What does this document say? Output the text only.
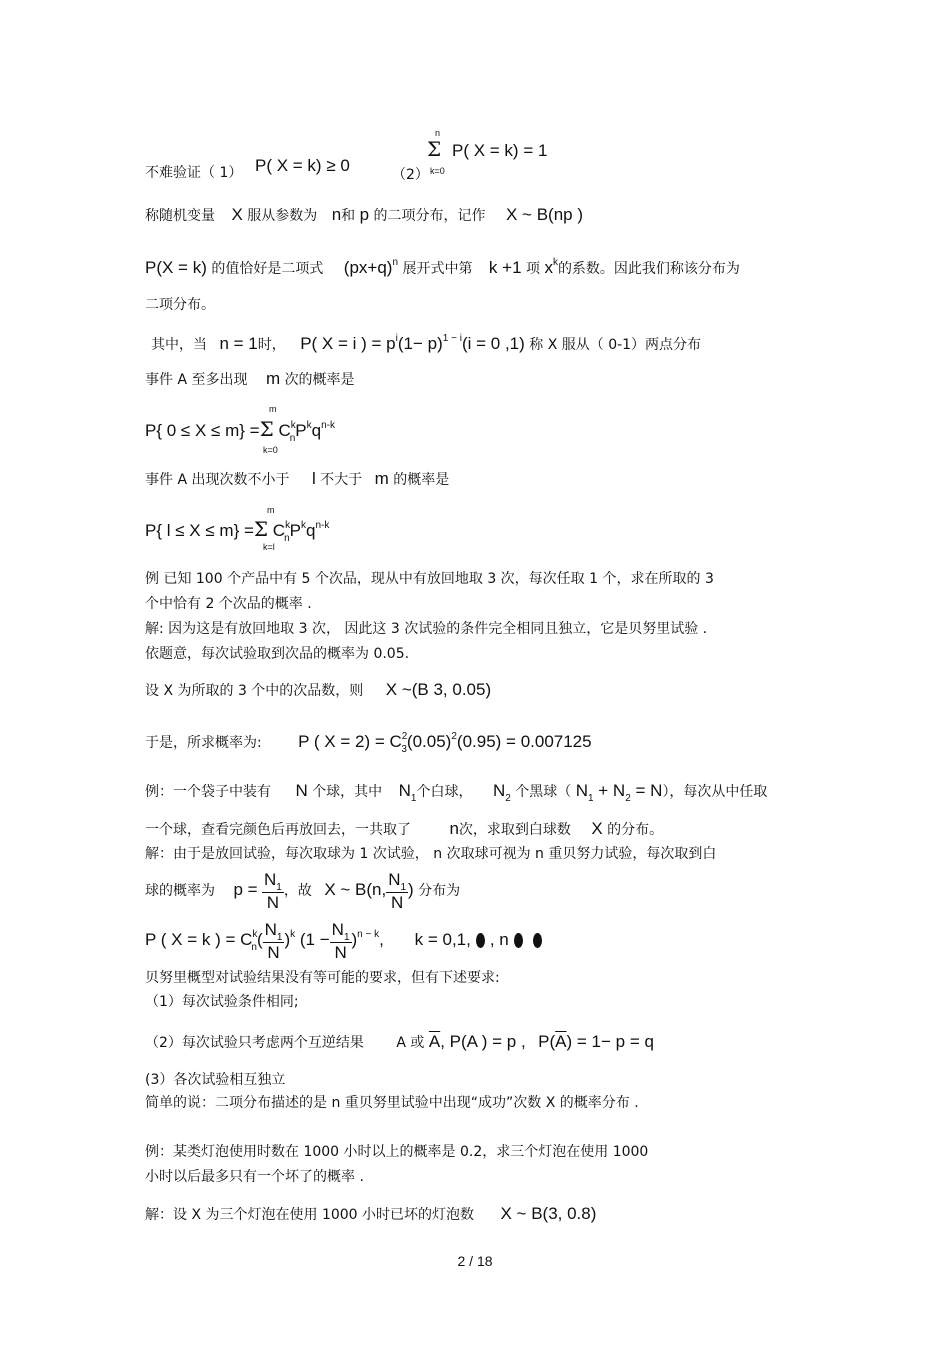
不难验证（ 1） P( X = k) ≥ 0	（2）
n
Σ
k=0
P( X = k) = 1
称随机变量 X 服从参数为 n和 p 的二项分布，记作 X ~ B(np )
P(X = k) 的值恰好是二项式 $(px+q)^n$ 展开式中第 k +1 项 $x^k$的系数。因此我们称该分布为
二项分布。
其中，当 n = 1时， P( X = i ) = $p^i(1- p)^{1 - i}(i = 0$ ,1) 称 X 服从（ 0-1）两点分布
事件 A 至多出现 m 次的概率是
m
P{ 0 ≤ X ≤ m} =Σ $C^k_nP^kq^{n-k}$
k=0
事件 A 出现次数不小于 l 不大于 m 的概率是
m
P{ l ≤ X ≤ m} =Σ $C^k_nP^kq^{n-k}$
k=l
例 已知 100 个产品中有 5 个次品，现从中有放回地取 3 次，每次任取 1 个，求在所取的 3
个中恰有 2 个次品的概率 .
解: 因为这是有放回地取 3 次， 因此这 3 次试验的条件完全相同且独立，它是贝努里试验 .
依题意，每次试验取到次品的概率为 0.05.
设 X 为所取的 3 个中的次品数，则 X ~(B 3, 0.05)
于是，所求概率为: P ( $X = 2) = C^2_3(0.05)^2(0.95) = 0.007125$
例：一个袋子中装有 N 个球，其中 $N_1$个白球， $N_2$ 个黑球（ $N_1 + N_2 = N$），每次从中任取
一个球，查看完颜色后再放回去，一共取了 n次，求取到白球数 X 的分布。
解：由于是放回试验，每次取球为 1 次试验， n 次取球可视为 n 重贝努力试验，每次取到白
球的概率为 $p = \frac{N_1}{N}$ ，故 X ~ B(n, $\frac{N_1}{N}$ ) 分布为
P ( X = k ) = $C^k_n( \frac{N_1}{N} )^k$ $(1 - \frac{N_1}{N} )^{n - k}$, k = 0,1, , n
贝努里概型对试验结果没有等可能的要求，但有下述要求:
（1）每次试验条件相同;
（2）每次试验只考虑两个互逆结果 A 或 $\overline{A}$, P(A ) = p , $P(\overline{A}) = 1- p = q$
(3）各次试验相互独立
简单的说：二项分布描述的是 n 重贝努里试验中出现“成功”次数 X 的概率分布 .
例：某类灯泡使用时数在 1000 小时以上的概率是 0.2，求三个灯泡在使用 1000
小时以后最多只有一个坏了的概率 .
解：设 X 为三个灯泡在使用 1000 小时已坏的灯泡数 X ~ B(3, 0.8)
2 / 18
